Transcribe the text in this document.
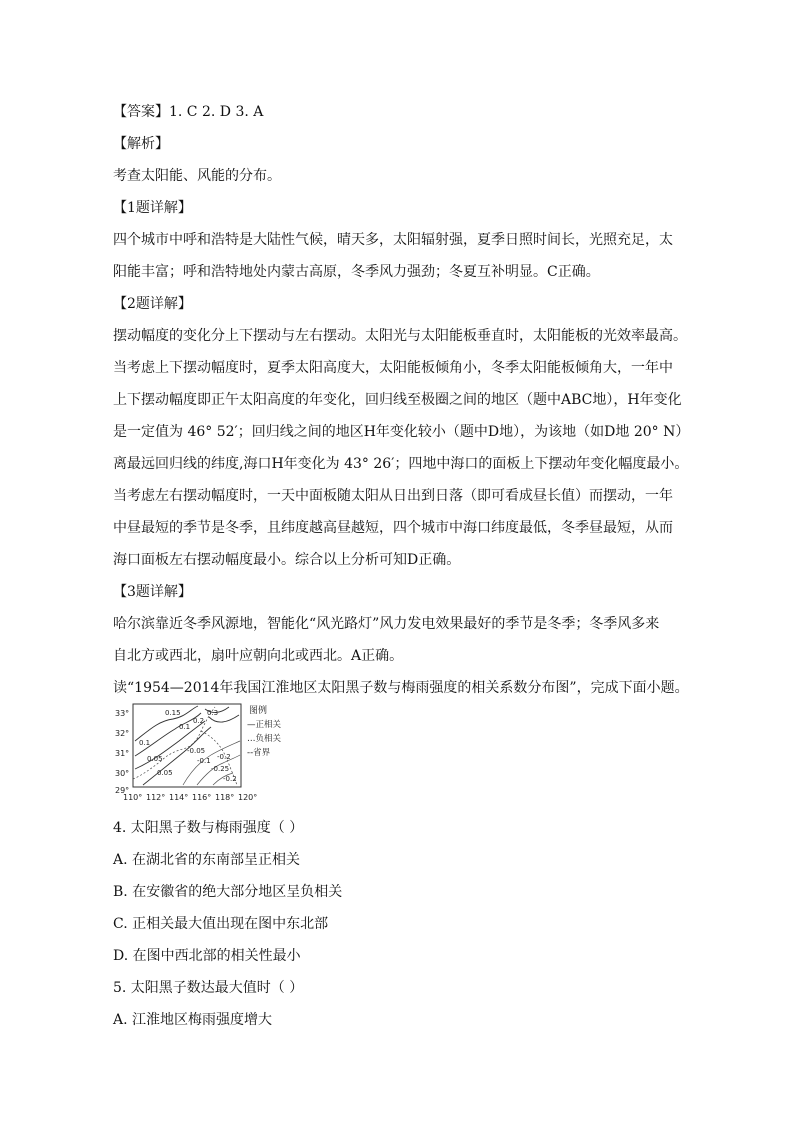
【答案】1. C 2. D 3. A
【解析】
考查太阳能、风能的分布。
【1题详解】
四个城市中呼和浩特是大陆性气候，晴天多，太阳辐射强，夏季日照时间长，光照充足，太
阳能丰富；呼和浩特地处内蒙古高原，冬季风力强劲；冬夏互补明显。C正确。
【2题详解】
摆动幅度的变化分上下摆动与左右摆动。太阳光与太阳能板垂直时，太阳能板的光效率最高。
当考虑上下摆动幅度时，夏季太阳高度大，太阳能板倾角小，冬季太阳能板倾角大，一年中
上下摆动幅度即正午太阳高度的年变化，回归线至极圈之间的地区（题中ABC地），H年变化
是一定值为 46° 52′；回归线之间的地区H年变化较小（题中D地），为该地（如D地 20° N）
离最远回归线的纬度,海口H年变化为 43° 26′；四地中海口的面板上下摆动年变化幅度最小。
当考虑左右摆动幅度时，一天中面板随太阳从日出到日落（即可看成昼长值）而摆动，一年
中昼最短的季节是冬季，且纬度越高昼越短，四个城市中海口纬度最低，冬季昼最短，从而
海口面板左右摆动幅度最小。综合以上分析可知D正确。
【3题详解】
哈尔滨靠近冬季风源地，智能化“风光路灯”风力发电效果最好的季节是冬季；冬季风多来
自北方或西北，扇叶应朝向北或西北。A正确。
读“1954—2014年我国江淮地区太阳黑子数与梅雨强度的相关系数分布图”，完成下面小题。
33°
32°
31°
30°
29°
110° 112° 114° 116° 118° 120°
0.15
0.1
0.05
0.05
-0.05
-0.1 -0.2
-0.25
-0.2
0.1
0.2
0.3	图例
—正相关
…负相关
--省界
4. 太阳黑子数与梅雨强度（ ）
A. 在湖北省的东南部呈正相关
B. 在安徽省的绝大部分地区呈负相关
C. 正相关最大值出现在图中东北部
D. 在图中西北部的相关性最小
5. 太阳黑子数达最大值时（ ）
A. 江淮地区梅雨强度增大
